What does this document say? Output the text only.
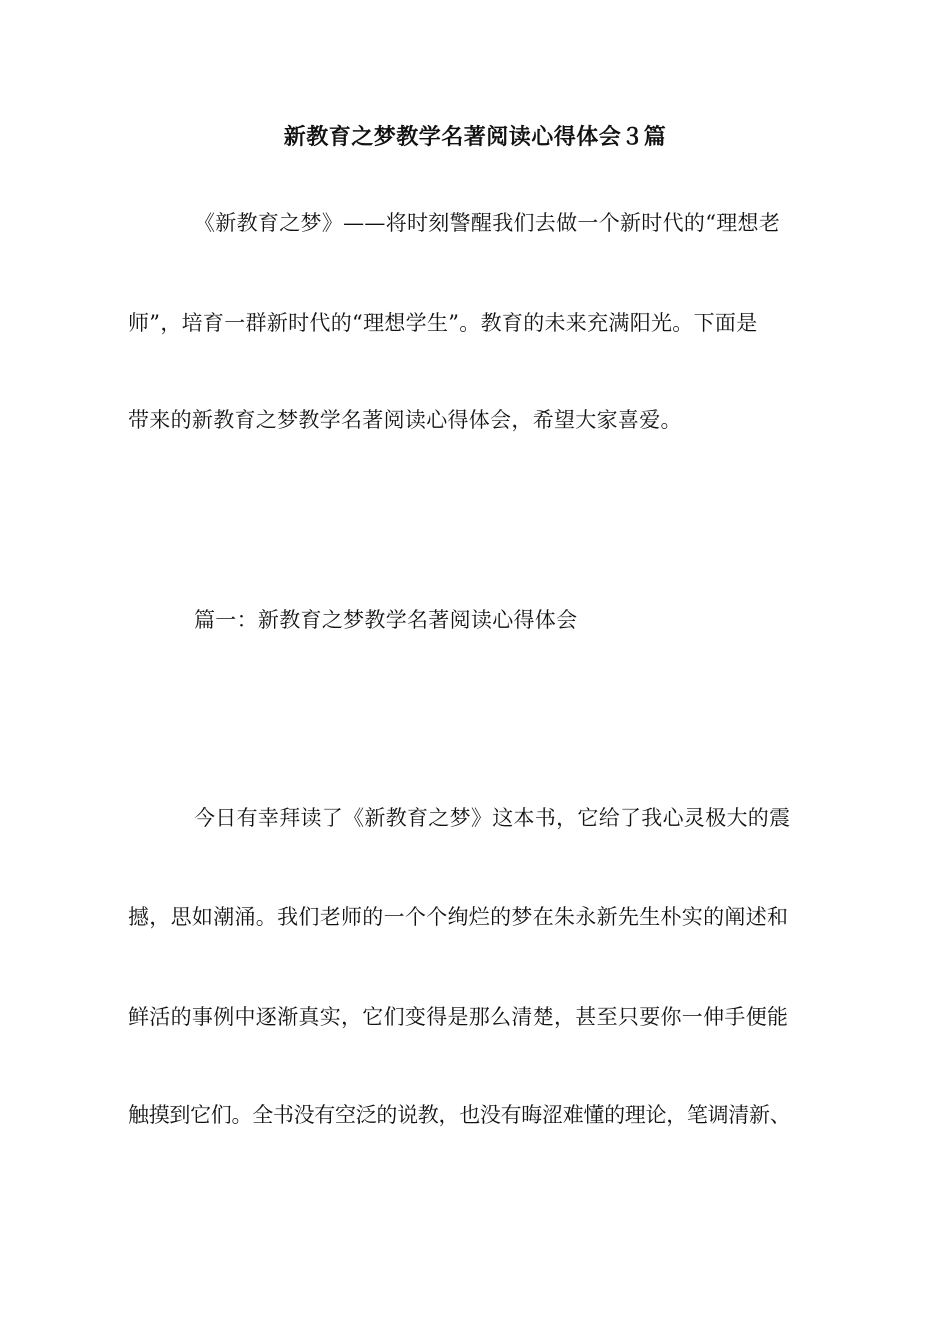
新教育之梦教学名著阅读心得体会３篇
《新教育之梦》——将时刻警醒我们去做一个新时代的“理想老
师”，培育一群新时代的“理想学生”。教育的未来充满阳光。下面是
带来的新教育之梦教学名著阅读心得体会，希望大家喜爱。
篇一：新教育之梦教学名著阅读心得体会
今日有幸拜读了《新教育之梦》这本书，它给了我心灵极大的震
撼，思如潮涌。我们老师的一个个绚烂的梦在朱永新先生朴实的阐述和
鲜活的事例中逐渐真实，它们变得是那么清楚，甚至只要你一伸手便能
触摸到它们。全书没有空泛的说教，也没有晦涩难懂的理论，笔调清新、
